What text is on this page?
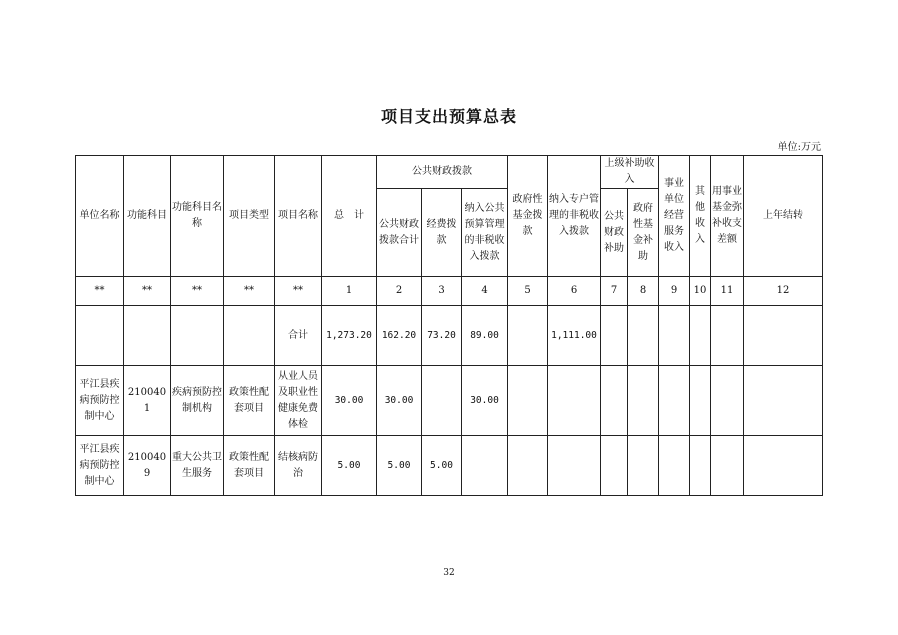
项目支出预算总表
单位:万元
单位名称	功能科目	功能科目名称	项目类型	项目名称	总　计	公共财政拨款			政府性基金拨款	纳入专户管理的非税收入拨款	上级补助收入		事业单位经营服务收入	其他收入	用事业基金弥补收支差额	上年结转
						公共财政拨款合计	经费拨款	纳入公共预算管理的非税收入拨款			公共财政补助	政府性基金补助				
**	**	**	**	**	1	2	3	4	5	6	7	8	9	10	11	12
				合计	1,273.20	162.20	73.20	89.00		1,111.00						
平江县疾病预防控制中心	2100401	疾病预防控制机构	政策性配套项目	从业人员及职业性健康免费体检	30.00	30.00		30.00								
平江县疾病预防控制中心	2100409	重大公共卫生服务	政策性配套项目	结核病防治	5.00	5.00	5.00									
32
